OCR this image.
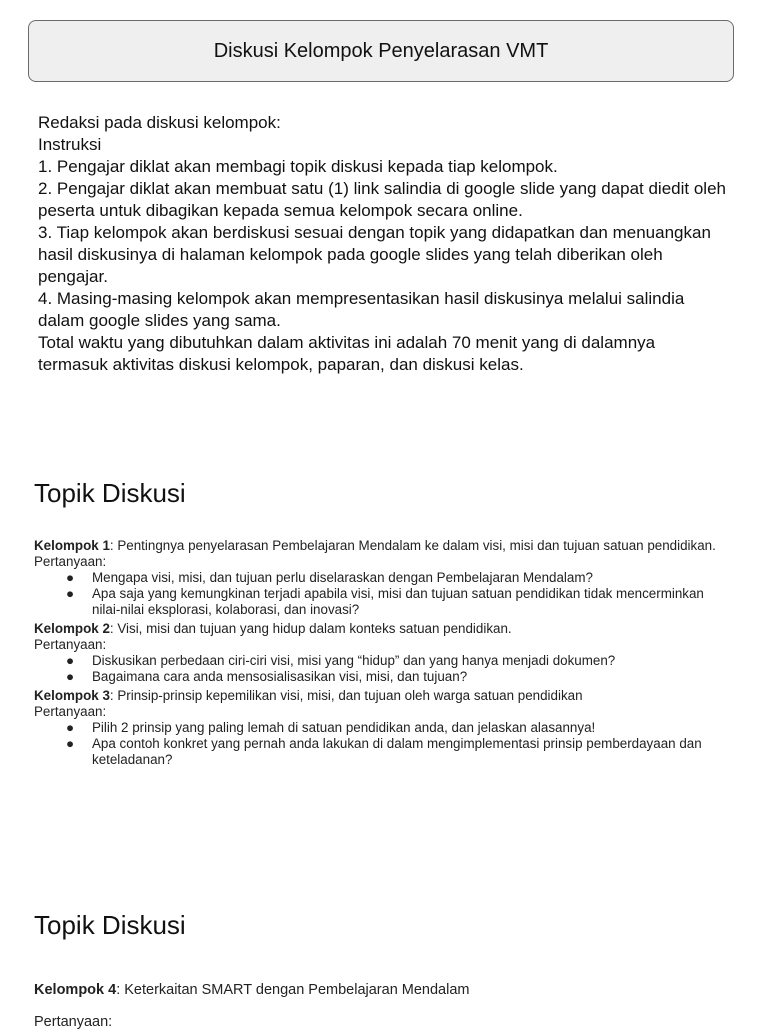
Diskusi Kelompok Penyelarasan VMT
Redaksi pada diskusi kelompok:
Instruksi
1. Pengajar diklat akan membagi topik diskusi kepada tiap kelompok.
2. Pengajar diklat akan membuat satu (1) link salindia di google slide yang dapat diedit oleh peserta untuk dibagikan kepada semua kelompok secara online.
3. Tiap kelompok akan berdiskusi sesuai dengan topik yang didapatkan dan menuangkan hasil diskusinya di halaman kelompok pada google slides yang telah diberikan oleh pengajar.
4. Masing-masing kelompok akan mempresentasikan hasil diskusinya melalui salindia dalam google slides yang sama.
Total waktu yang dibutuhkan dalam aktivitas ini adalah 70 menit yang di dalamnya termasuk aktivitas diskusi kelompok, paparan, dan diskusi kelas.
Topik Diskusi
Kelompok 1: Pentingnya penyelarasan Pembelajaran Mendalam ke dalam visi, misi dan tujuan satuan pendidikan.
Pertanyaan:
●	Mengapa visi, misi, dan tujuan perlu diselaraskan dengan Pembelajaran Mendalam?
●	Apa saja yang kemungkinan terjadi apabila visi, misi dan tujuan satuan pendidikan tidak mencerminkan nilai-nilai eksplorasi, kolaborasi, dan inovasi?
Kelompok 2: Visi, misi dan tujuan yang hidup dalam konteks satuan pendidikan.
Pertanyaan:
●	Diskusikan perbedaan ciri-ciri visi, misi yang “hidup” dan yang hanya menjadi dokumen?
●	Bagaimana cara anda mensosialisasikan visi, misi, dan tujuan?
Kelompok 3: Prinsip-prinsip kepemilikan visi, misi, dan tujuan oleh warga satuan pendidikan
Pertanyaan:
●	Pilih 2 prinsip yang paling lemah di satuan pendidikan anda, dan jelaskan alasannya!
●	Apa contoh konkret yang pernah anda lakukan di dalam mengimplementasi prinsip pemberdayaan dan keteladanan?
Topik Diskusi
Kelompok 4: Keterkaitan SMART dengan Pembelajaran Mendalam
Pertanyaan:
